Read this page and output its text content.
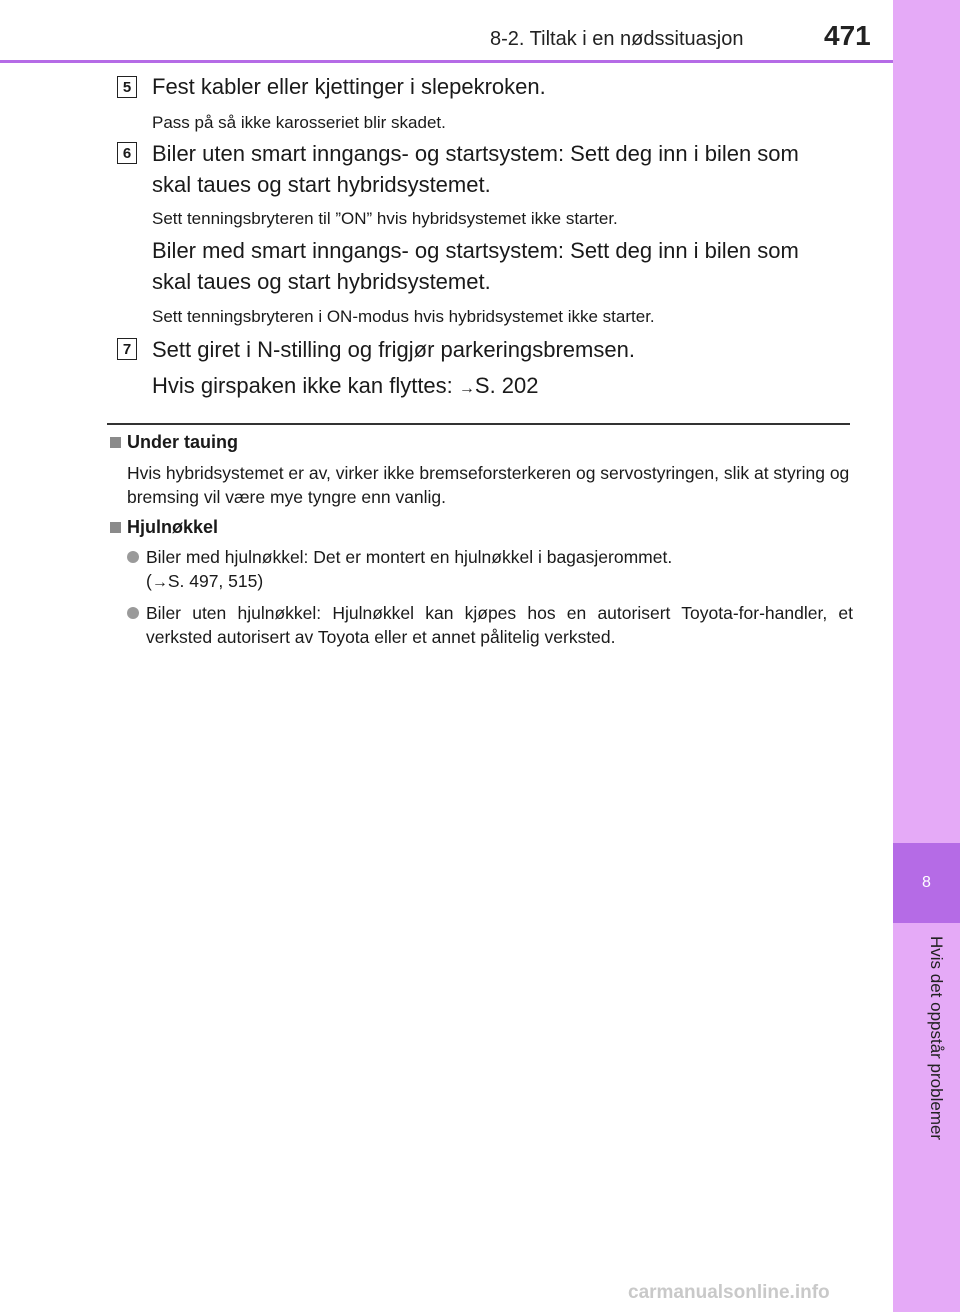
8-2. Tiltak i en nødssituasjon	471
8
Hvis det oppstår problemer
5 Fest kabler eller kjettinger i slepekroken.
Pass på så ikke karosseriet blir skadet.
6 Biler uten smart inngangs- og startsystem: Sett deg inn i bilen som
skal taues og start hybridsystemet.
Sett tenningsbryteren til ”ON” hvis hybridsystemet ikke starter.
Biler med smart inngangs- og startsystem: Sett deg inn i bilen som
skal taues og start hybridsystemet.
Sett tenningsbryteren i ON-modus hvis hybridsystemet ikke starter.
7 Sett giret i N-stilling og frigjør parkeringsbremsen.
Hvis girspaken ikke kan flyttes: →S. 202
Under tauing
Hvis hybridsystemet er av, virker ikke bremseforsterkeren og servostyringen, slik at styring og bremsing vil være mye tyngre enn vanlig.
Hjulnøkkel
Biler med hjulnøkkel: Det er montert en hjulnøkkel i bagasjerommet.
(→S. 497, 515)
Biler uten hjulnøkkel: Hjulnøkkel kan kjøpes hos en autorisert Toyota-for-handler, et verksted autorisert av Toyota eller et annet pålitelig verksted.
carmanualsonline.info
